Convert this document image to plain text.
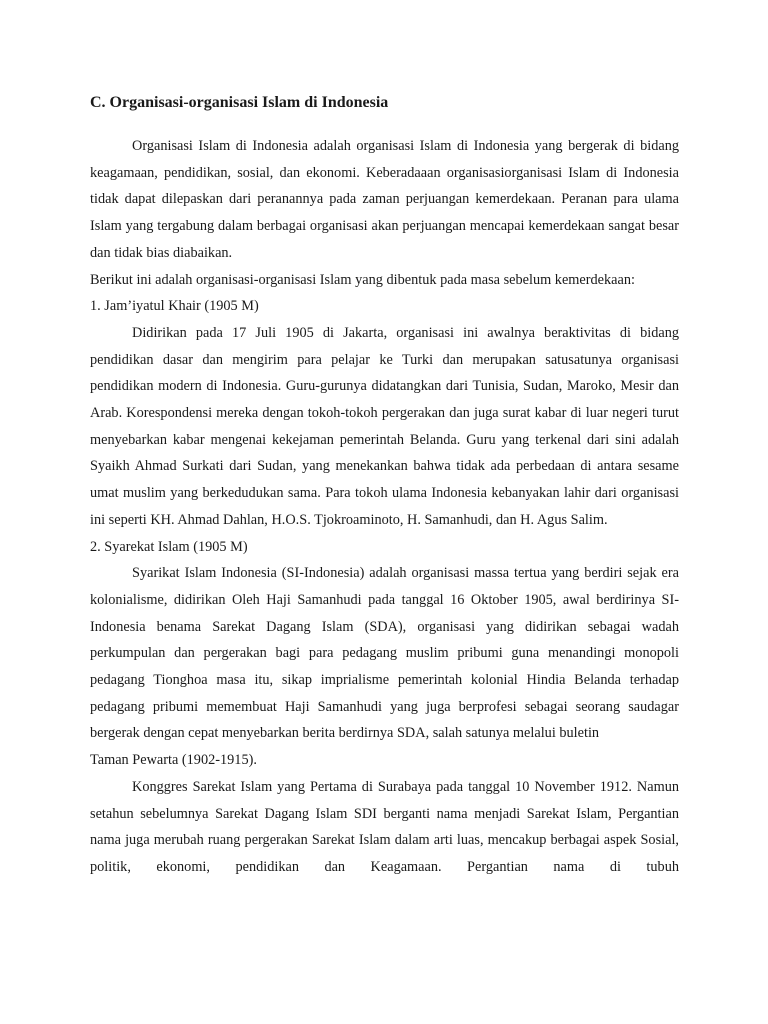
C. Organisasi-organisasi Islam di Indonesia

Organisasi Islam di Indonesia adalah organisasi Islam di Indonesia yang bergerak di bidang keagamaan, pendidikan, sosial, dan ekonomi. Keberadaaan organisasiorganisasi Islam di Indonesia tidak dapat dilepaskan dari peranannya pada zaman perjuangan kemerdekaan. Peranan para ulama Islam yang tergabung dalam berbagai organisasi akan perjuangan mencapai kemerdekaan sangat besar dan tidak bias diabaikan.

Berikut ini adalah organisasi-organisasi Islam yang dibentuk pada masa sebelum kemerdekaan:

1. Jam’iyatul Khair (1905 M)

Didirikan pada 17 Juli 1905 di Jakarta, organisasi ini awalnya beraktivitas di bidang pendidikan dasar dan mengirim para pelajar ke Turki dan merupakan satusatunya organisasi pendidikan modern di Indonesia. Guru-gurunya didatangkan dari Tunisia, Sudan, Maroko, Mesir dan Arab. Korespondensi mereka dengan tokoh-tokoh pergerakan dan juga surat kabar di luar negeri turut menyebarkan kabar mengenai kekejaman pemerintah Belanda. Guru yang terkenal dari sini adalah Syaikh Ahmad Surkati dari Sudan, yang menekankan bahwa tidak ada perbedaan di antara sesame umat muslim yang berkedudukan sama. Para tokoh ulama Indonesia kebanyakan lahir dari organisasi ini seperti KH. Ahmad Dahlan, H.O.S. Tjokroaminoto, H. Samanhudi, dan H. Agus Salim.

2. Syarekat Islam (1905 M)

Syarikat Islam Indonesia (SI-Indonesia) adalah organisasi massa tertua yang berdiri sejak era kolonialisme, didirikan Oleh Haji Samanhudi pada tanggal 16 Oktober 1905, awal berdirinya SI-Indonesia benama Sarekat Dagang Islam (SDA), organisasi yang didirikan sebagai wadah perkumpulan dan pergerakan bagi para pedagang muslim pribumi guna menandingi monopoli pedagang Tionghoa masa itu, sikap imprialisme pemerintah kolonial Hindia Belanda terhadap pedagang pribumi memembuat Haji Samanhudi yang juga berprofesi sebagai seorang saudagar bergerak dengan cepat menyebarkan berita berdirnya SDA, salah satunya melalui buletin

Taman Pewarta (1902-1915).

Konggres Sarekat Islam yang Pertama di Surabaya pada tanggal 10 November 1912. Namun setahun sebelumnya Sarekat Dagang Islam SDI berganti nama menjadi Sarekat Islam, Pergantian nama juga merubah ruang pergerakan Sarekat Islam dalam arti luas, mencakup berbagai aspek Sosial, politik, ekonomi, pendidikan dan Keagamaan. Pergantian nama di tubuh
